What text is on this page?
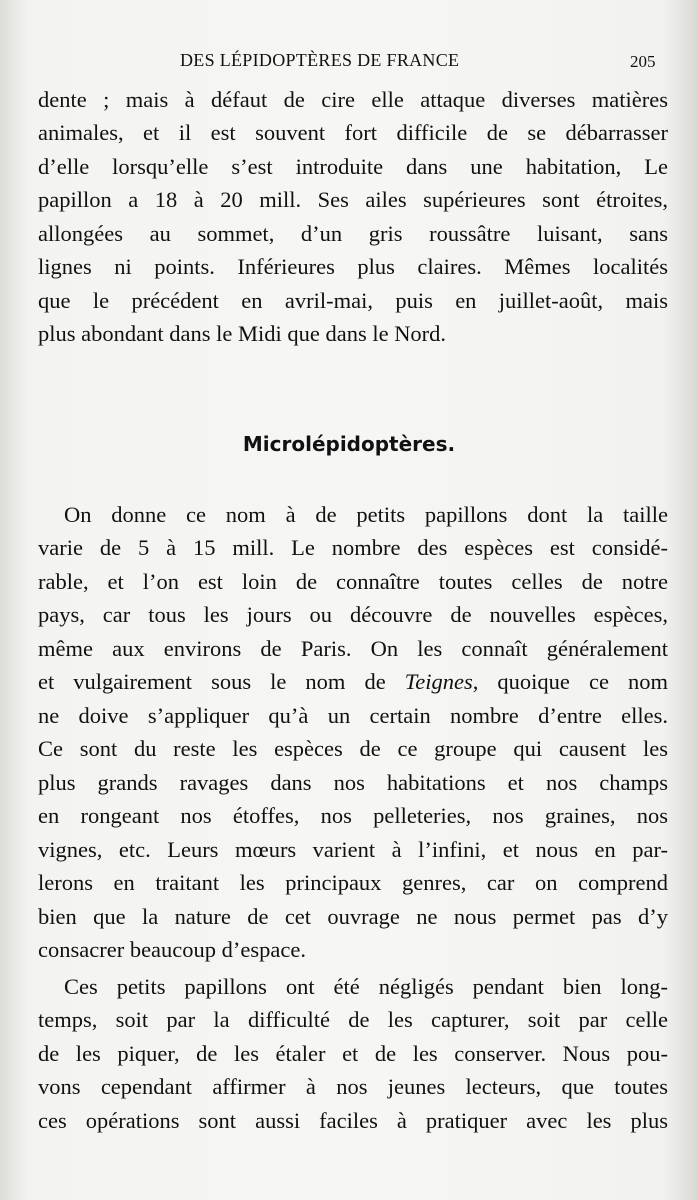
DES LÉPIDOPTÈRES DE FRANCE	205
dente ; mais à défaut de cire elle attaque diverses matières
animales, et il est souvent fort difficile de se débarrasser
d’elle lorsqu’elle s’est introduite dans une habitation, Le
papillon a 18 à 20 mill. Ses ailes supérieures sont étroites,
allongées au sommet, d’un gris roussâtre luisant, sans
lignes ni points. Inférieures plus claires. Mêmes localités
que le précédent en avril-mai, puis en juillet-août, mais
plus abondant dans le Midi que dans le Nord.
Microlépidoptères.
On donne ce nom à de petits papillons dont la taille
varie de 5 à 15 mill. Le nombre des espèces est considé-
rable, et l’on est loin de connaître toutes celles de notre
pays, car tous les jours ou découvre de nouvelles espèces,
même aux environs de Paris. On les connaît généralement
et vulgairement sous le nom de Teignes, quoique ce nom
ne doive s’appliquer qu’à un certain nombre d’entre elles.
Ce sont du reste les espèces de ce groupe qui causent les
plus grands ravages dans nos habitations et nos champs
en rongeant nos étoffes, nos pelleteries, nos graines, nos
vignes, etc. Leurs mœurs varient à l’infini, et nous en par-
lerons en traitant les principaux genres, car on comprend
bien que la nature de cet ouvrage ne nous permet pas d’y
consacrer beaucoup d’espace.
Ces petits papillons ont été négligés pendant bien long-
temps, soit par la difficulté de les capturer, soit par celle
de les piquer, de les étaler et de les conserver. Nous pou-
vons cependant affirmer à nos jeunes lecteurs, que toutes
ces opérations sont aussi faciles à pratiquer avec les plus
